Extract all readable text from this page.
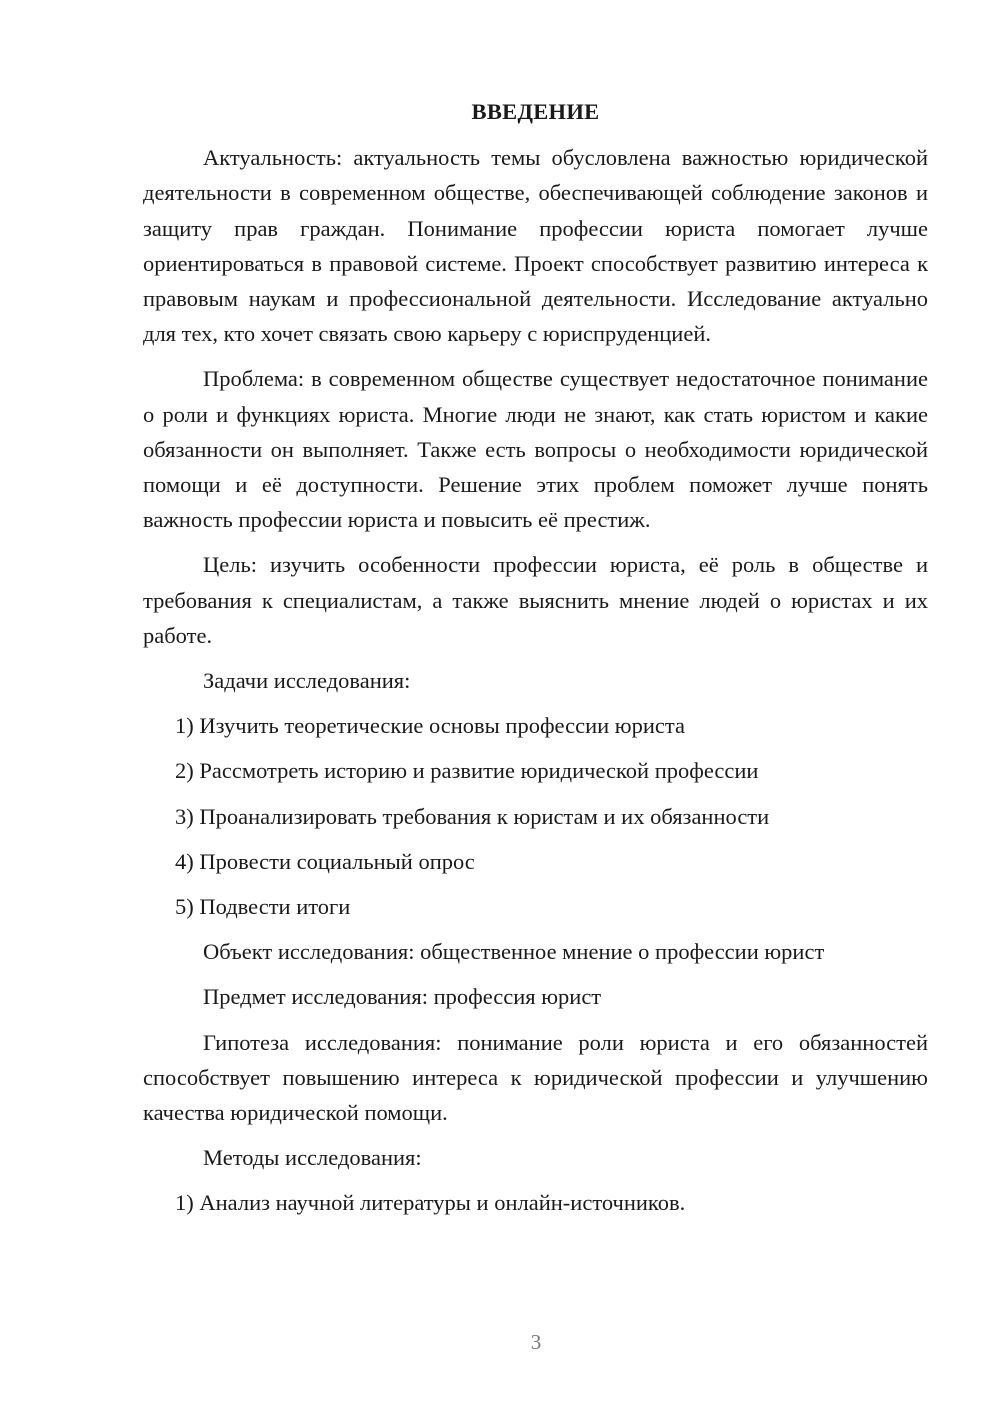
ВВЕДЕНИЕ

Актуальность: актуальность темы обусловлена важностью юридической деятельности в современном обществе, обеспечивающей соблюдение законов и защиту прав граждан. Понимание профессии юриста помогает лучше ориентироваться в правовой системе. Проект способствует развитию интереса к правовым наукам и профессиональной деятельности. Исследование актуально для тех, кто хочет связать свою карьеру с юриспруденцией.

Проблема: в современном обществе существует недостаточное понимание о роли и функциях юриста. Многие люди не знают, как стать юристом и какие обязанности он выполняет. Также есть вопросы о необходимости юридической помощи и её доступности. Решение этих проблем поможет лучше понять важность профессии юриста и повысить её престиж.

Цель: изучить особенности профессии юриста, её роль в обществе и требования к специалистам, а также выяснить мнение людей о юристах и их работе.

Задачи исследования:

1) Изучить теоретические основы профессии юриста
2) Рассмотреть историю и развитие юридической профессии
3) Проанализировать требования к юристам и их обязанности
4) Провести социальный опрос
5) Подвести итоги

Объект исследования: общественное мнение о профессии юрист

Предмет исследования: профессия юрист

Гипотеза исследования: понимание роли юриста и его обязанностей способствует повышению интереса к юридической профессии и улучшению качества юридической помощи.

Методы исследования:

1) Анализ научной литературы и онлайн-источников.
3
